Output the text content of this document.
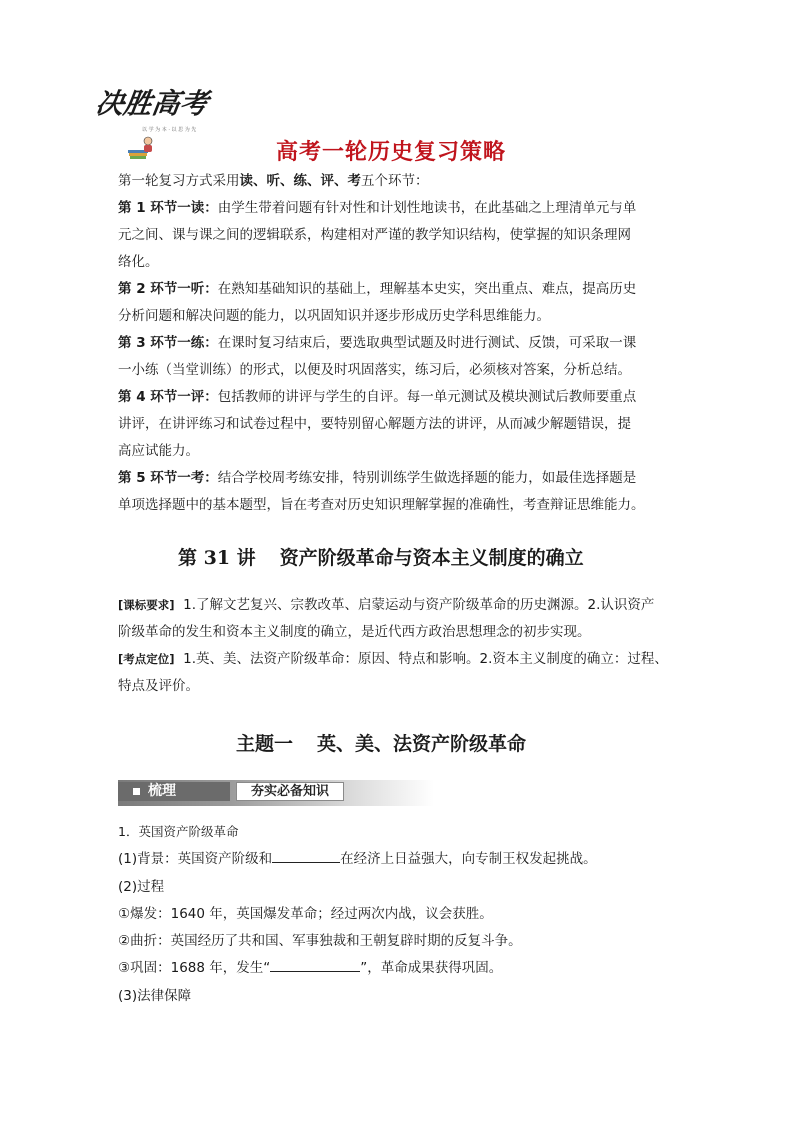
决胜高考
以 学 为 本 · 以 思 为 先
高考一轮历史复习策略

第一轮复习方式采用读、听、练、评、考五个环节：

第 1 环节一读：由学生带着问题有针对性和计划性地读书，在此基础之上理清单元与单
元之间、课与课之间的逻辑联系，构建相对严谨的教学知识结构，使掌握的知识条理网
络化。

第 2 环节一听：在熟知基础知识的基础上，理解基本史实，突出重点、难点，提高历史
分析问题和解决问题的能力，以巩固知识并逐步形成历史学科思维能力。

第 3 环节一练：在课时复习结束后，要选取典型试题及时进行测试、反馈，可采取一课
一小练（当堂训练）的形式，以便及时巩固落实，练习后，必须核对答案，分析总结。

第 4 环节一评：包括教师的讲评与学生的自评。每一单元测试及模块测试后教师要重点
讲评，在讲评练习和试卷过程中，要特别留心解题方法的讲评，从而减少解题错误，提
高应试能力。

第 5 环节一考：结合学校周考练安排，特别训练学生做选择题的能力，如最佳选择题是
单项选择题中的基本题型，旨在考查对历史知识理解掌握的准确性，考查辩证思维能力。

第 31 讲 资产阶级革命与资本主义制度的确立

[课标要求] 1.了解文艺复兴、宗教改革、启蒙运动与资产阶级革命的历史渊源。2.认识资产
阶级革命的发生和资本主义制度的确立，是近代西方政治思想理念的初步实现。

[考点定位] 1.英、美、法资产阶级革命：原因、特点和影响。2.资本主义制度的确立：过程、
特点及评价。

主题一 英、美、法资产阶级革命
梳理	夯实必备知识
1．英国资产阶级革命
(1)背景：英国资产阶级和	在经济上日益强大，向专制王权发起挑战。
(2)过程
①爆发：1640 年，英国爆发革命；经过两次内战，议会获胜。
②曲折：英国经历了共和国、军事独裁和王朝复辟时期的反复斗争。
③巩固：1688 年，发生“	”，革命成果获得巩固。
(3)法律保障
